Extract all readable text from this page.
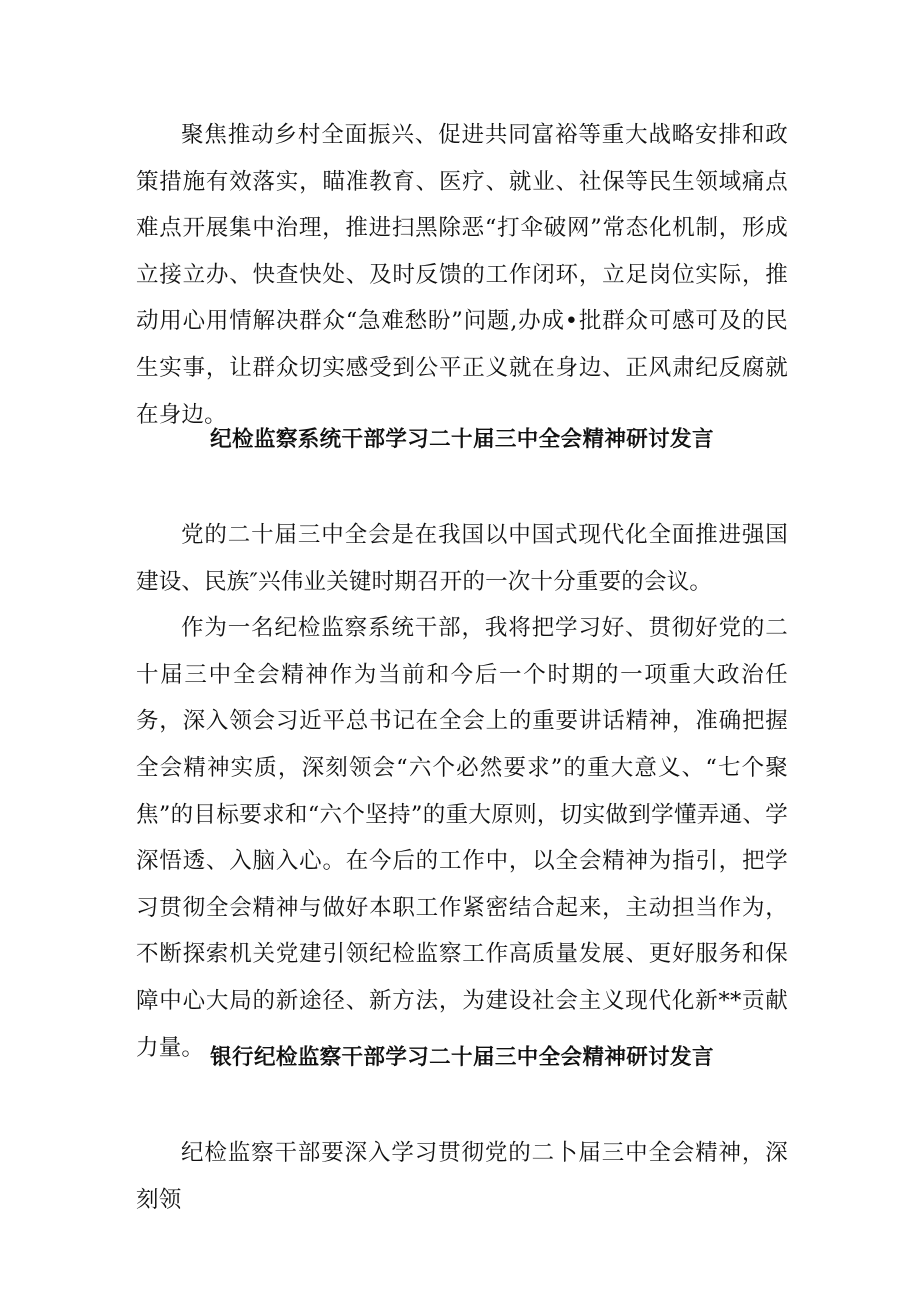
聚焦推动乡村全面振兴、促进共同富裕等重大战略安排和政策措施有效落实，瞄准教育、医疗、就业、社保等民生领域痛点难点开展集中治理，推进扫黑除恶“打伞破网”常态化机制，形成立接立办、快查快处、及时反馈的工作闭环，立足岗位实际，推动用心用情解决群众“急难愁盼”问题,办成•批群众可感可及的民生实事，让群众切实感受到公平正义就在身边、正风肃纪反腐就在身边。

纪检监察系统干部学习二十届三中全会精神研讨发言

党的二十届三中全会是在我国以中国式现代化全面推进强国建设、民族″兴伟业关键时期召开的一次十分重要的会议。

作为一名纪检监察系统干部，我将把学习好、贯彻好党的二十届三中全会精神作为当前和今后一个时期的一项重大政治任务，深入领会习近平总书记在全会上的重要讲话精神，准确把握全会精神实质，深刻领会“六个必然要求”的重大意义、“七个聚焦”的目标要求和“六个坚持”的重大原则，切实做到学懂弄通、学深悟透、入脑入心。在今后的工作中，以全会精神为指引，把学习贯彻全会精神与做好本职工作紧密结合起来，主动担当作为，不断探索机关党建引领纪检监察工作高质量发展、更好服务和保障中心大局的新途径、新方法，为建设社会主义现代化新**贡献力量。 银行纪检监察干部学习二十届三中全会精神研讨发言

纪检监察干部要深入学习贯彻党的二卜届三中全会精神，深刻领
